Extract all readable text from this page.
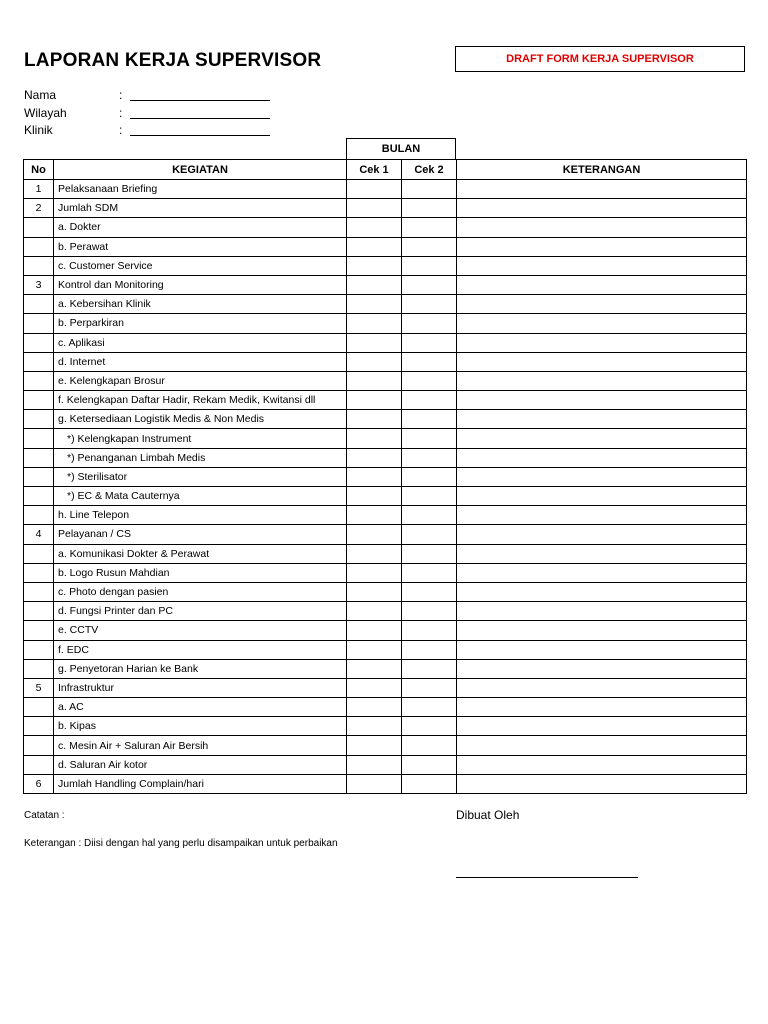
LAPORAN KERJA SUPERVISOR	DRAFT FORM KERJA SUPERVISOR
Nama	:
Wilayah	:
Klinik	:
BULAN
No	KEGIATAN	Cek 1	Cek 2	KETERANGAN
1	Pelaksanaan Briefing			
2	Jumlah SDM			
	a. Dokter			
	b. Perawat			
	c. Customer Service			
3	Kontrol dan Monitoring			
	a. Kebersihan Klinik			
	b. Perparkiran			
	c. Aplikasi			
	d. Internet			
	e. Kelengkapan Brosur			
	f. Kelengkapan Daftar Hadir, Rekam Medik, Kwitansi dll			
	g. Ketersediaan Logistik Medis & Non Medis			
	*) Kelengkapan Instrument			
	*) Penanganan Limbah Medis			
	*) Sterilisator			
	*) EC & Mata Cauternya			
	h. Line Telepon			
4	Pelayanan / CS			
	a. Komunikasi Dokter & Perawat			
	b. Logo Rusun Mahdian			
	c. Photo dengan pasien			
	d. Fungsi Printer dan PC			
	e. CCTV			
	f. EDC			
	g. Penyetoran Harian ke Bank			
5	Infrastruktur			
	a. AC			
	b. Kipas			
	c. Mesin Air + Saluran Air Bersih			
	d. Saluran Air kotor			
6	Jumlah Handling Complain/hari			
Catatan :	Dibuat Oleh
Keterangan : Diisi dengan hal yang perlu disampaikan untuk perbaikan
